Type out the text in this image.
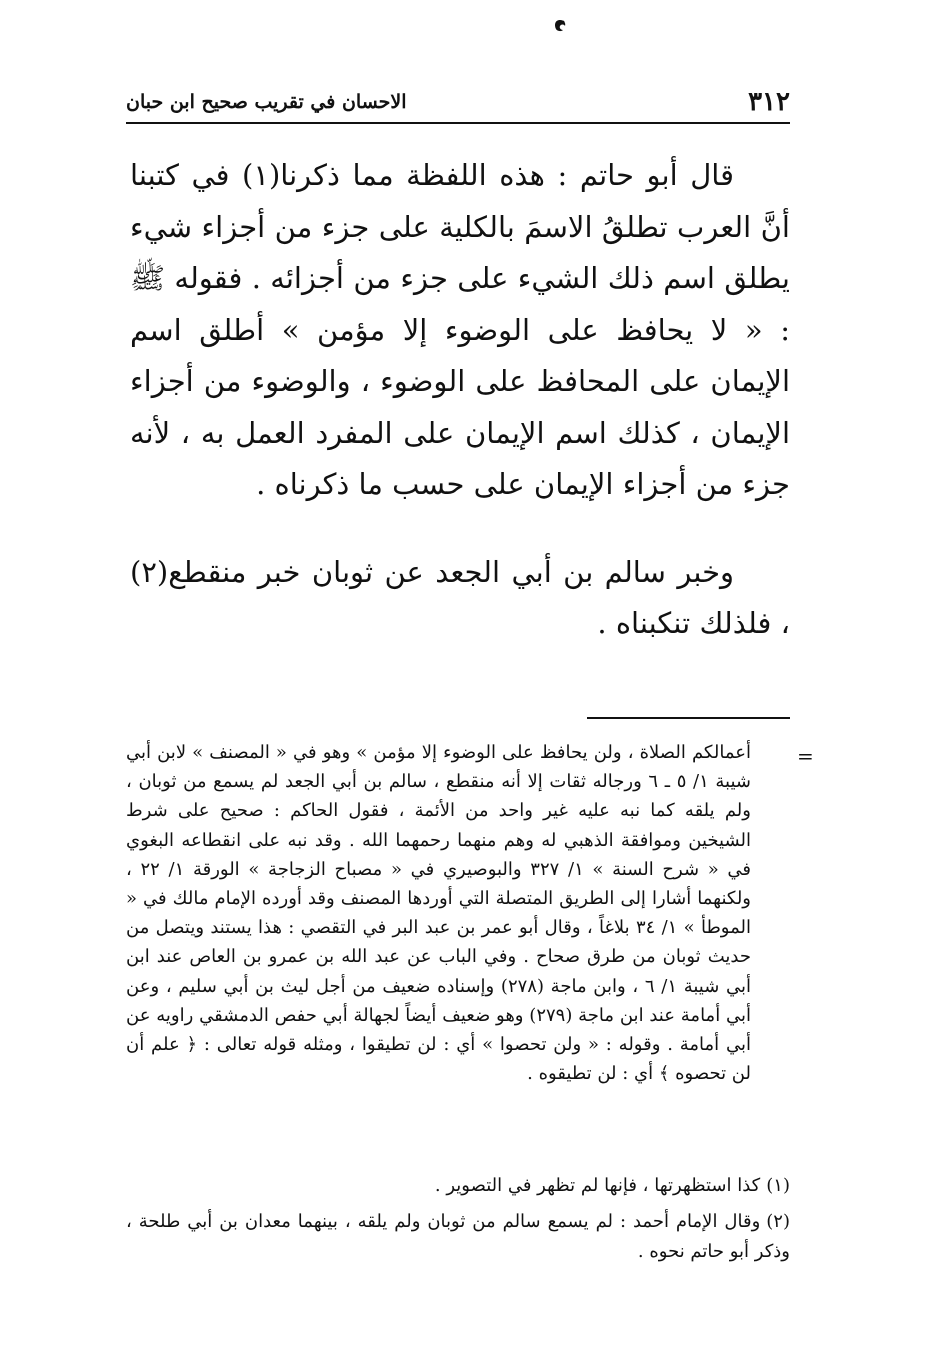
٣١٢
الاحسان في تقريب صحيح ابن حبان

قال أبو حاتم : هذه اللفظة مما ذكرنا(١) في كتبنا أنَّ العرب تطلقُ الاسمَ بالكلية على جزء من أجزاء شيء يطلق اسم ذلك الشيء على جزء من أجزائه . فقوله ﷺ : « لا يحافظ على الوضوء إلا مؤمن » أطلق اسم الإيمان على المحافظ على الوضوء ، والوضوء من أجزاء الإيمان ، كذلك اسم الإيمان على المفرد العمل به ، لأنه جزء من أجزاء الإيمان على حسب ما ذكرناه .

وخبر سالم بن أبي الجعد عن ثوبان خبر منقطع(٢) ، فلذلك تنكبناه .

=

أعمالكم الصلاة ، ولن يحافظ على الوضوء إلا مؤمن » وهو في « المصنف » لابن أبي شيبة ١/ ٥ ـ ٦ ورجاله ثقات إلا أنه منقطع ، سالم بن أبي الجعد لم يسمع من ثوبان ، ولم يلقه كما نبه عليه غير واحد من الأئمة ، فقول الحاكم : صحيح على شرط الشيخين وموافقة الذهبي له وهم منهما رحمهما الله . وقد نبه على انقطاعه البغوي في « شرح السنة » ١/ ٣٢٧ والبوصيري في « مصباح الزجاجة » الورقة ١/ ٢٢ ، ولكنهما أشارا إلى الطريق المتصلة التي أوردها المصنف وقد أورده الإمام مالك في « الموطأ » ١/ ٣٤ بلاغاً ، وقال أبو عمر بن عبد البر في التقصي : هذا يستند ويتصل من حديث ثوبان من طرق صحاح . وفي الباب عن عبد الله بن عمرو بن العاص عند ابن أبي شيبة ١/ ٦ ، وابن ماجة (٢٧٨) وإسناده ضعيف من أجل ليث بن أبي سليم ، وعن أبي أمامة عند ابن ماجة (٢٧٩) وهو ضعيف أيضاً لجهالة أبي حفص الدمشقي راويه عن أبي أمامة . وقوله : « ولن تحصوا » أي : لن تطيقوا ، ومثله قوله تعالى : ﴿ علم أن لن تحصوه ﴾ أي : لن تطيقوه .

(١)كذا استظهرتها ، فإنها لم تظهر في التصوير .
(٢)وقال الإمام أحمد : لم يسمع سالم من ثوبان ولم يلقه ، بينهما معدان بن أبي طلحة ، وذكر أبو حاتم نحوه .
